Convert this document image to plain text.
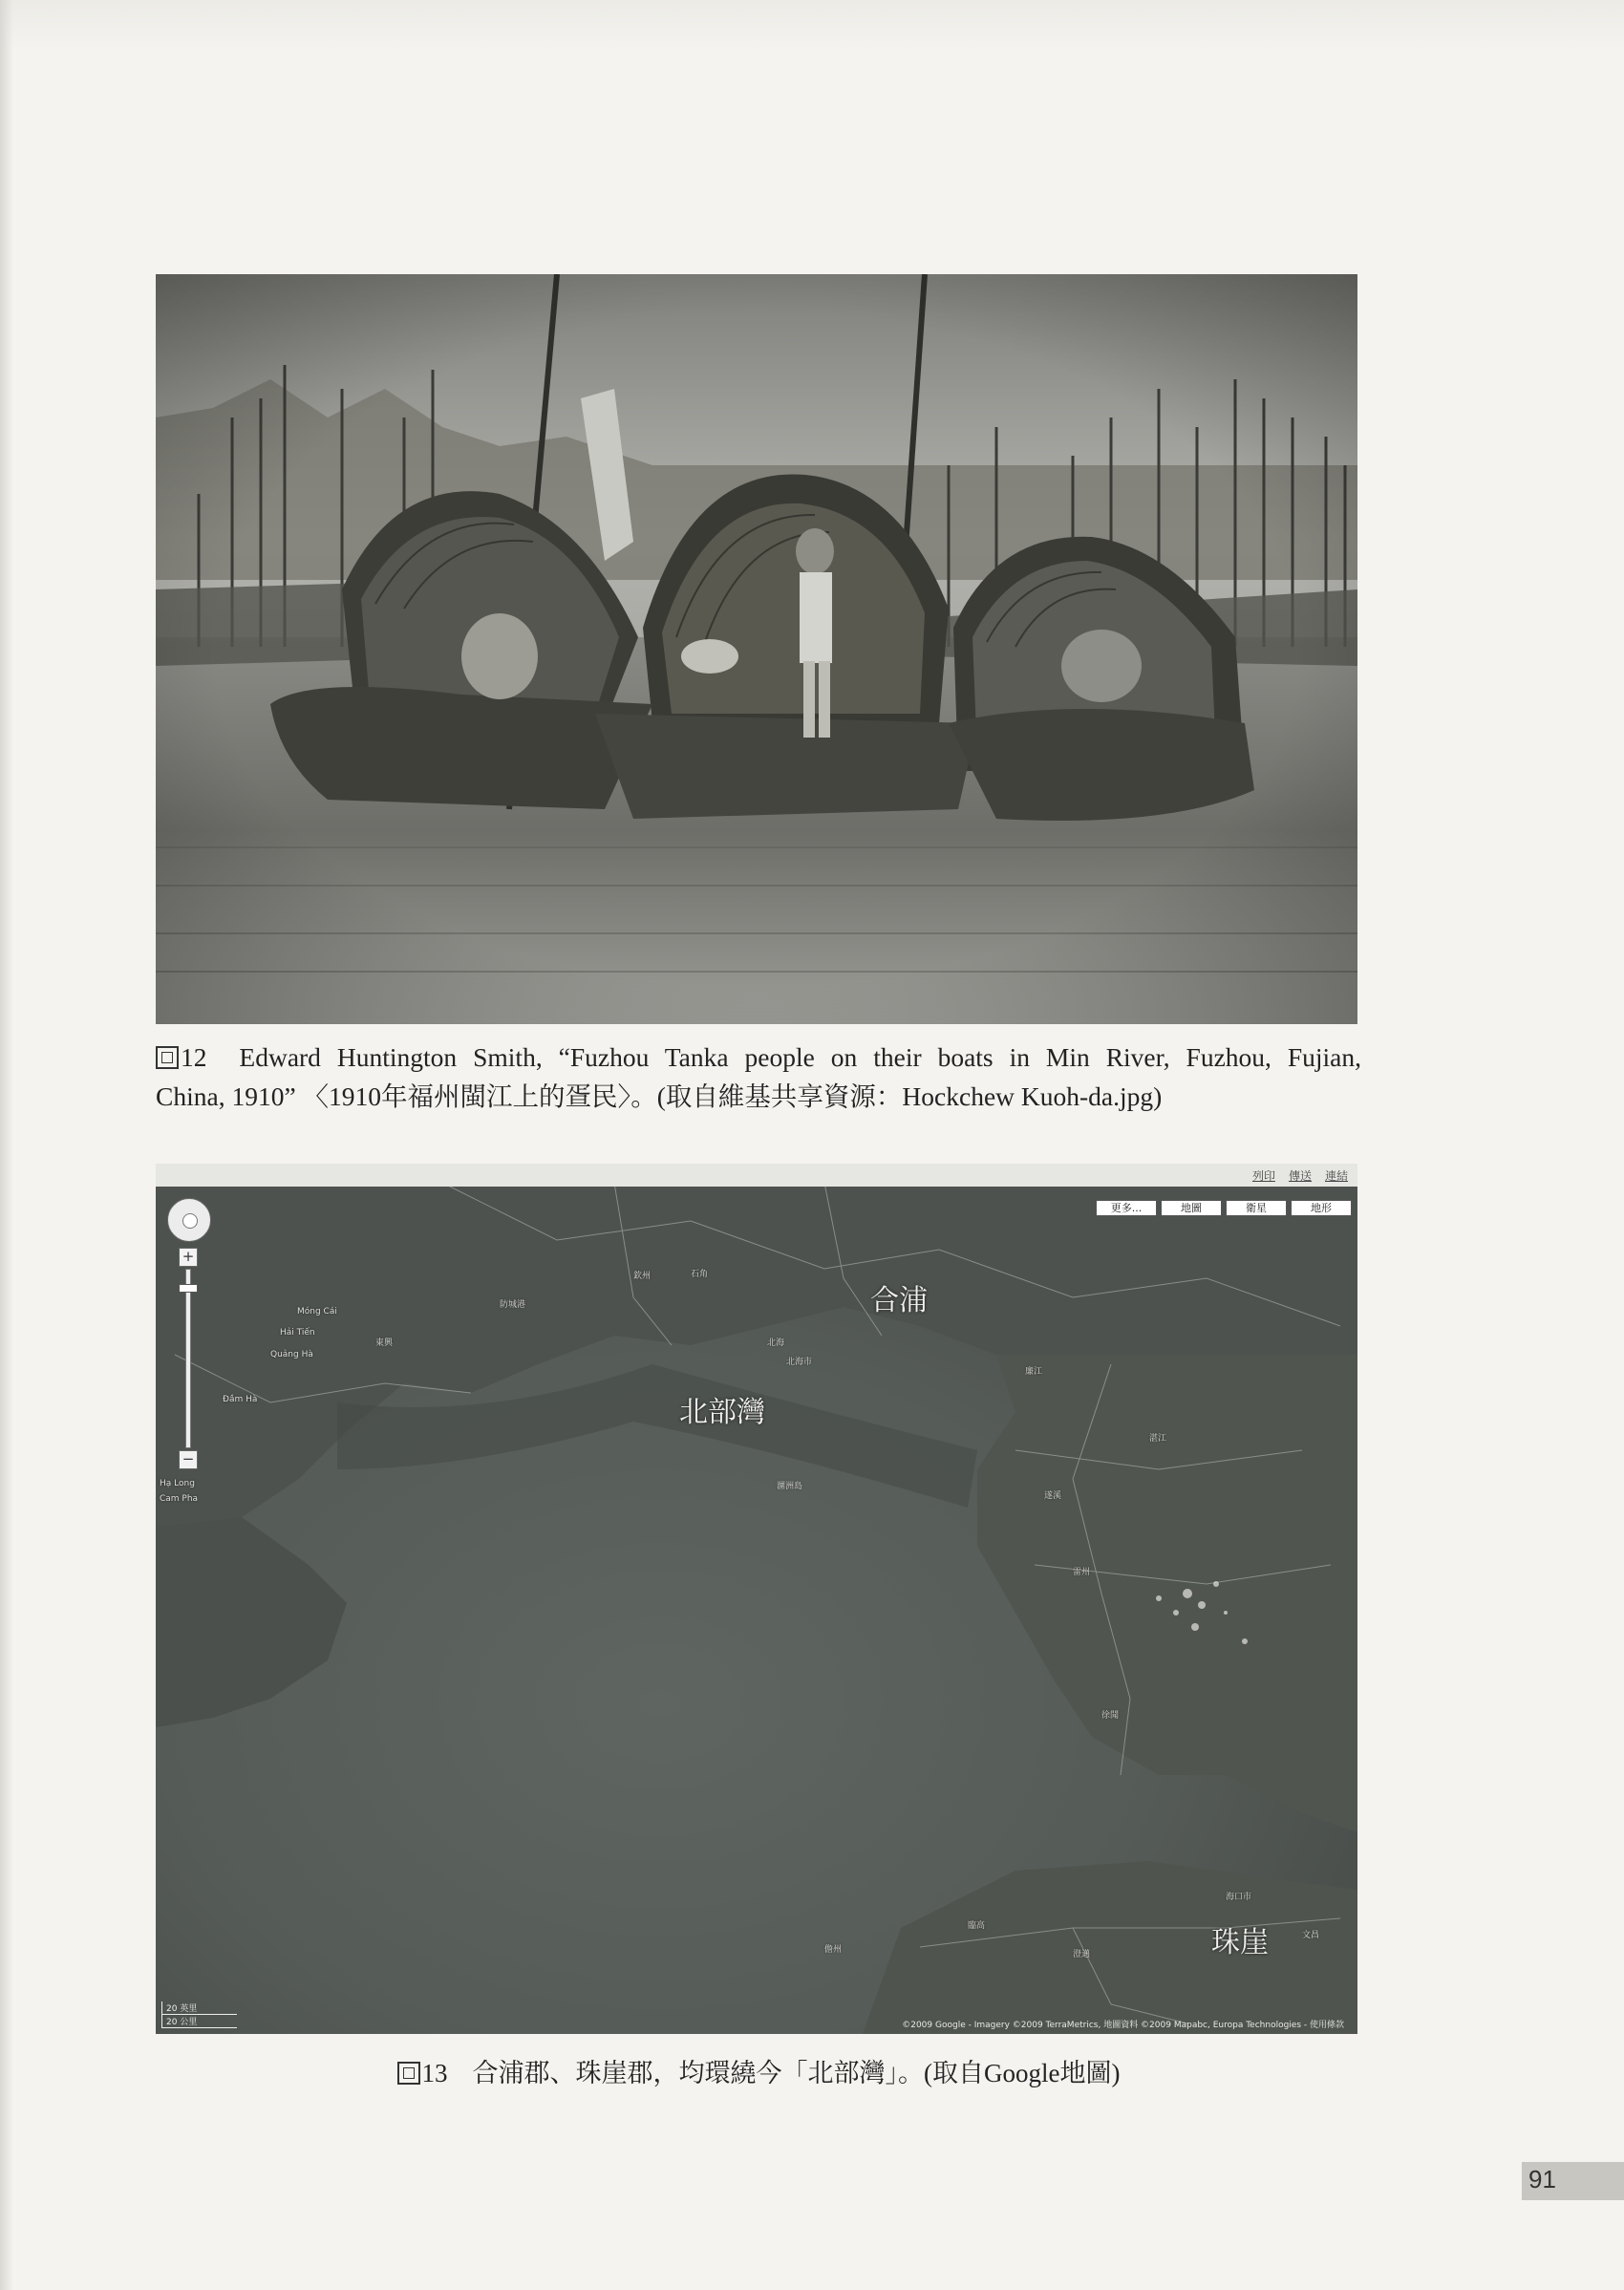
12 Edward Huntington Smith, “Fuzhou Tanka people on their boats in Min River, Fuzhou, Fujian,
China, 1910” 〈1910年福州閩江上的疍民〉。(取自維基共享資源：Hockchew Kuoh-da.jpg)
列印 傳送 連結
更多...	地圖	衛星	地形
+
−
Móng Cái
Hạ Long
Cam Pha
Quảng Hà
Hải Tiến
Đầm Hà
石角
北海
欽州
防城港
東興
北海市
廉江
湛江
徐聞
海口市
臨高
儋州	澄邁
文昌
潿洲島
遂溪
雷州
合浦
北部灣
珠崖
20 英里
20 公里	©2009 Google - Imagery ©2009 TerraMetrics, 地圖資料 ©2009 Mapabc, Europa Technologies - 使用條款
13 合浦郡、珠崖郡，均環繞今「北部灣」。(取自Google地圖)
91
